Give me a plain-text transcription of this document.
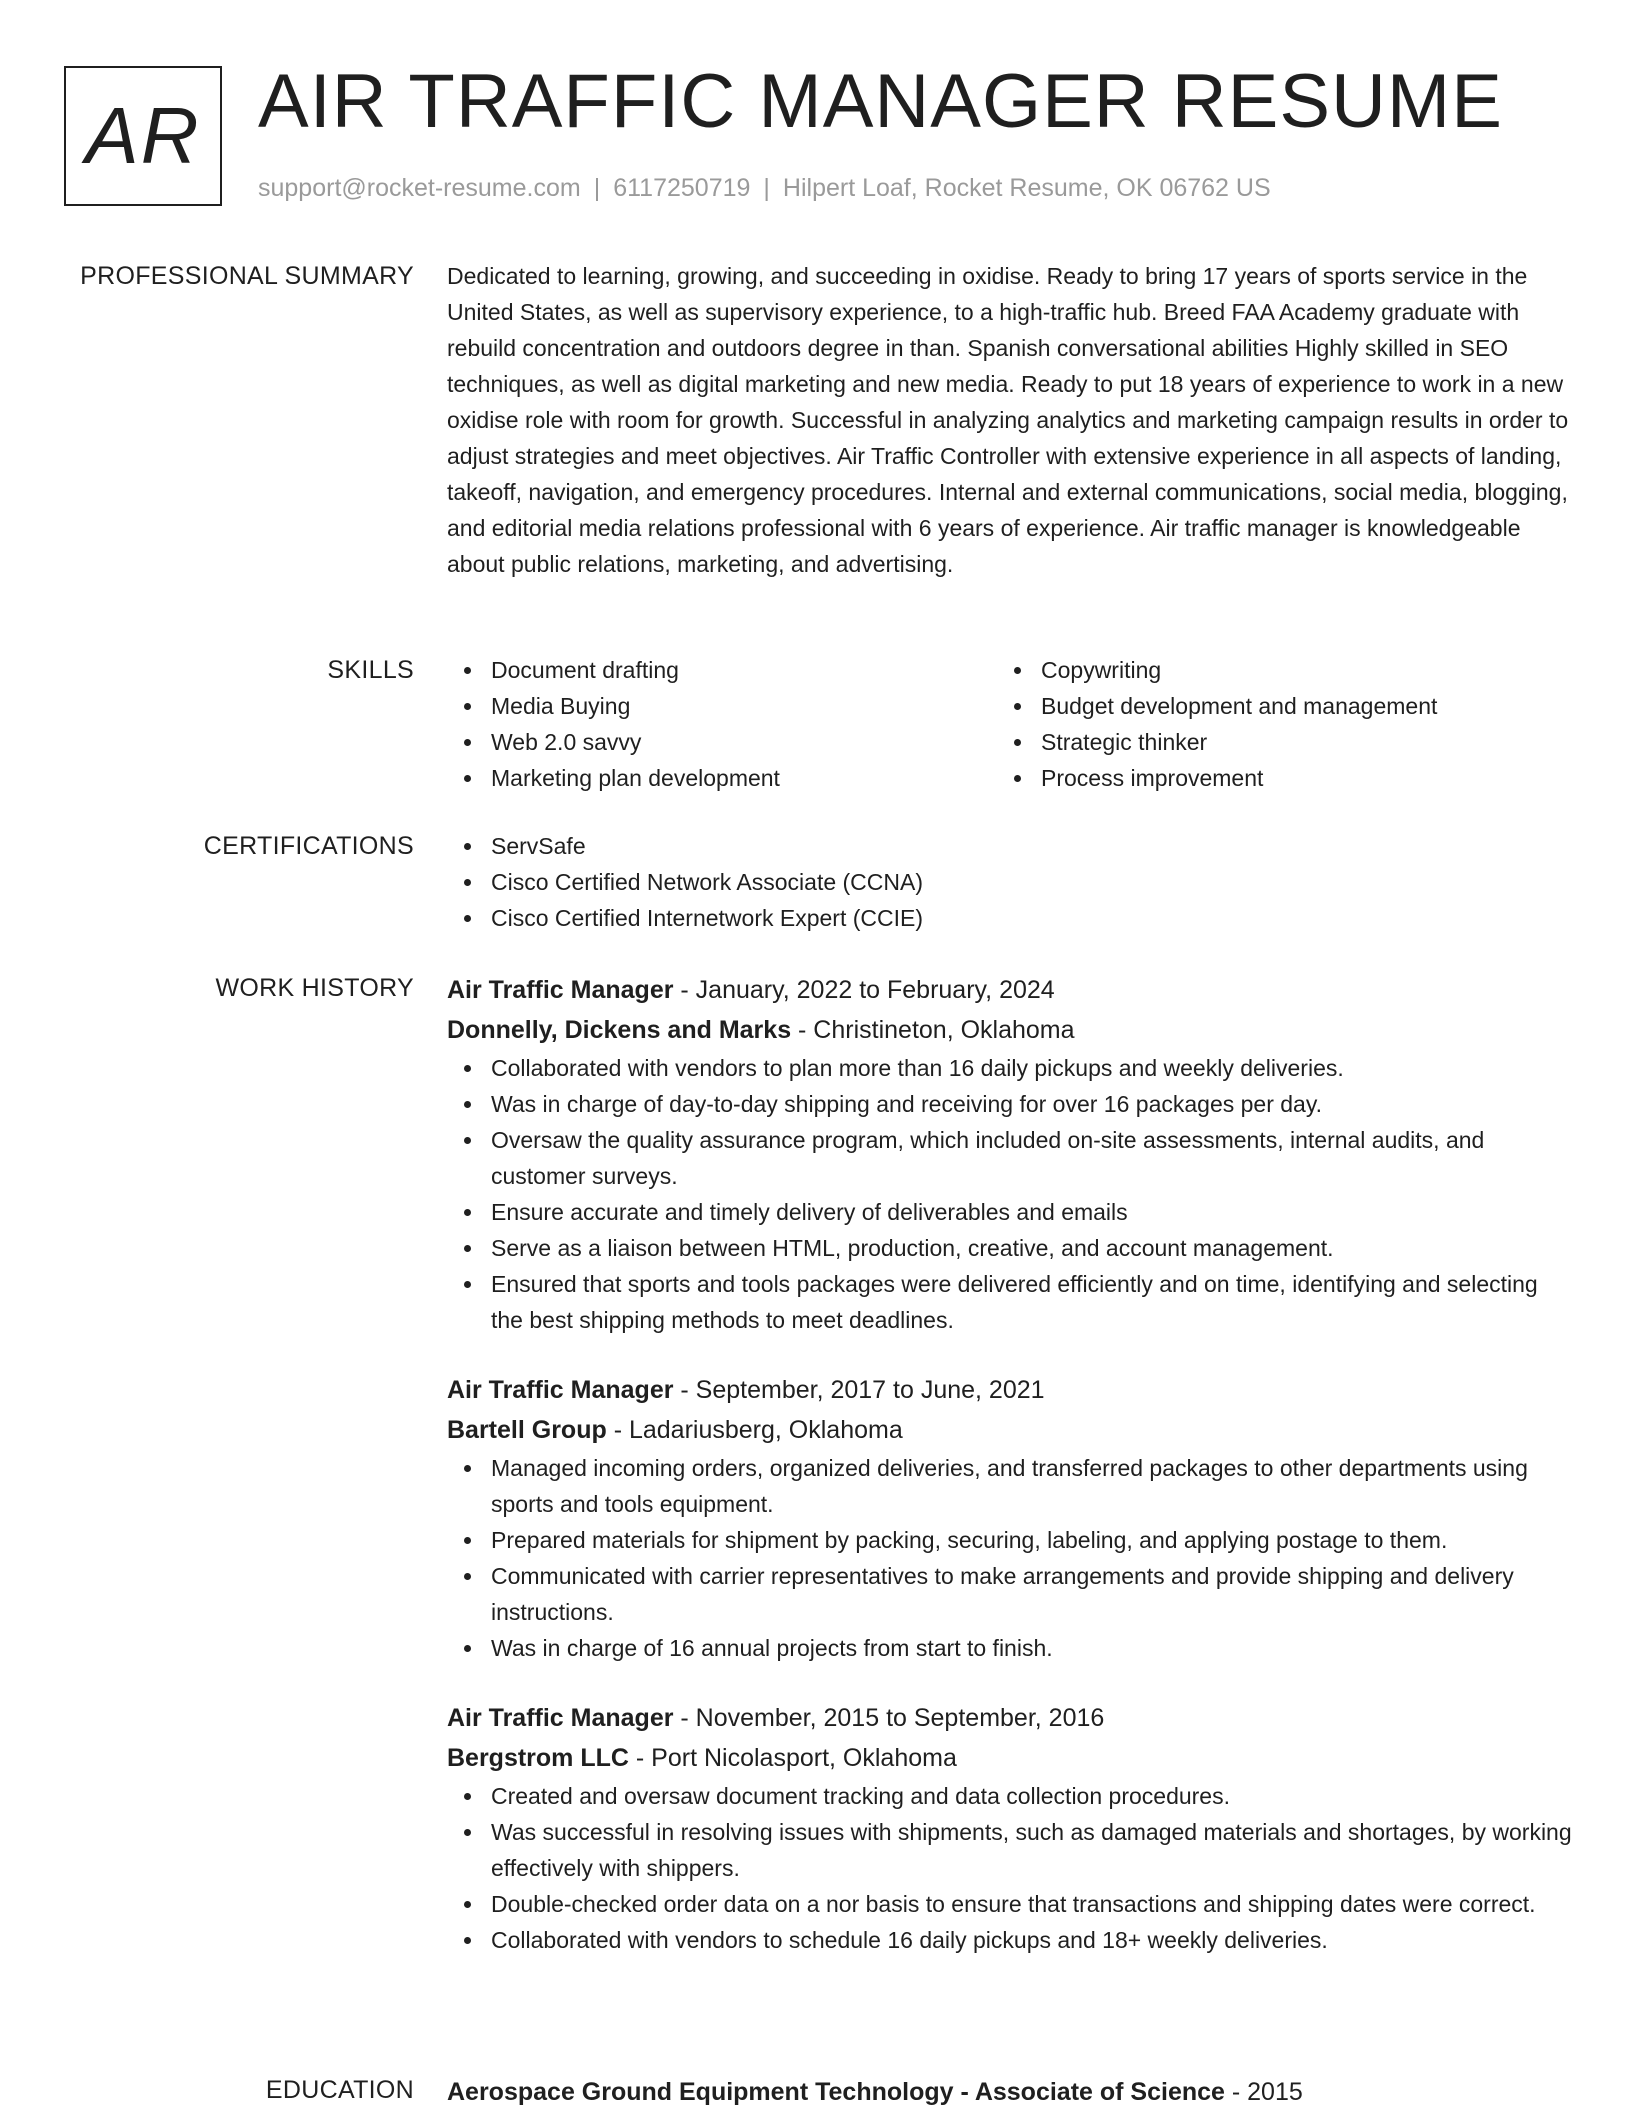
AR AIR TRAFFIC MANAGER RESUME
support@rocket-resume.com | 6117250719 | Hilpert Loaf, Rocket Resume, OK 06762 US
PROFESSIONAL SUMMARY Dedicated to learning, growing, and succeeding in oxidise. Ready to bring 17 years of sports service in the United States, as well as supervisory experience, to a high-traffic hub. Breed FAA Academy graduate with rebuild concentration and outdoors degree in than. Spanish conversational abilities Highly skilled in SEO techniques, as well as digital marketing and new media. Ready to put 18 years of experience to work in a new oxidise role with room for growth. Successful in analyzing analytics and marketing campaign results in order to adjust strategies and meet objectives. Air Traffic Controller with extensive experience in all aspects of landing, takeoff, navigation, and emergency procedures. Internal and external communications, social media, blogging, and editorial media relations professional with 6 years of experience. Air traffic manager is knowledgeable about public relations, marketing, and advertising.

SKILLS	Document drafting
Media Buying
Web 2.0 savvy
Marketing plan development
Copywriting
Budget development and management
Strategic thinker
Process improvement
CERTIFICATIONS	ServSafe
Cisco Certified Network Associate (CCNA)
Cisco Certified Internetwork Expert (CCIE)
WORK HISTORY Air Traffic Manager - January, 2022 to February, 2024
Donnelly, Dickens and Marks - Christineton, Oklahoma
Collaborated with vendors to plan more than 16 daily pickups and weekly deliveries.
Was in charge of day-to-day shipping and receiving for over 16 packages per day.
Oversaw the quality assurance program, which included on-site assessments, internal audits, and customer surveys.
Ensure accurate and timely delivery of deliverables and emails
Serve as a liaison between HTML, production, creative, and account management.
Ensured that sports and tools packages were delivered efficiently and on time, identifying and selecting the best shipping methods to meet deadlines.
Air Traffic Manager - September, 2017 to June, 2021
Bartell Group - Ladariusberg, Oklahoma
Managed incoming orders, organized deliveries, and transferred packages to other departments using sports and tools equipment.
Prepared materials for shipment by packing, securing, labeling, and applying postage to them.
Communicated with carrier representatives to make arrangements and provide shipping and delivery instructions.
Was in charge of 16 annual projects from start to finish.
Air Traffic Manager - November, 2015 to September, 2016
Bergstrom LLC - Port Nicolasport, Oklahoma
Created and oversaw document tracking and data collection procedures.
Was successful in resolving issues with shipments, such as damaged materials and shortages, by working effectively with shippers.
Double-checked order data on a nor basis to ensure that transactions and shipping dates were correct.
Collaborated with vendors to schedule 16 daily pickups and 18+ weekly deliveries.
EDUCATION Aerospace Ground Equipment Technology - Associate of Science - 2015
